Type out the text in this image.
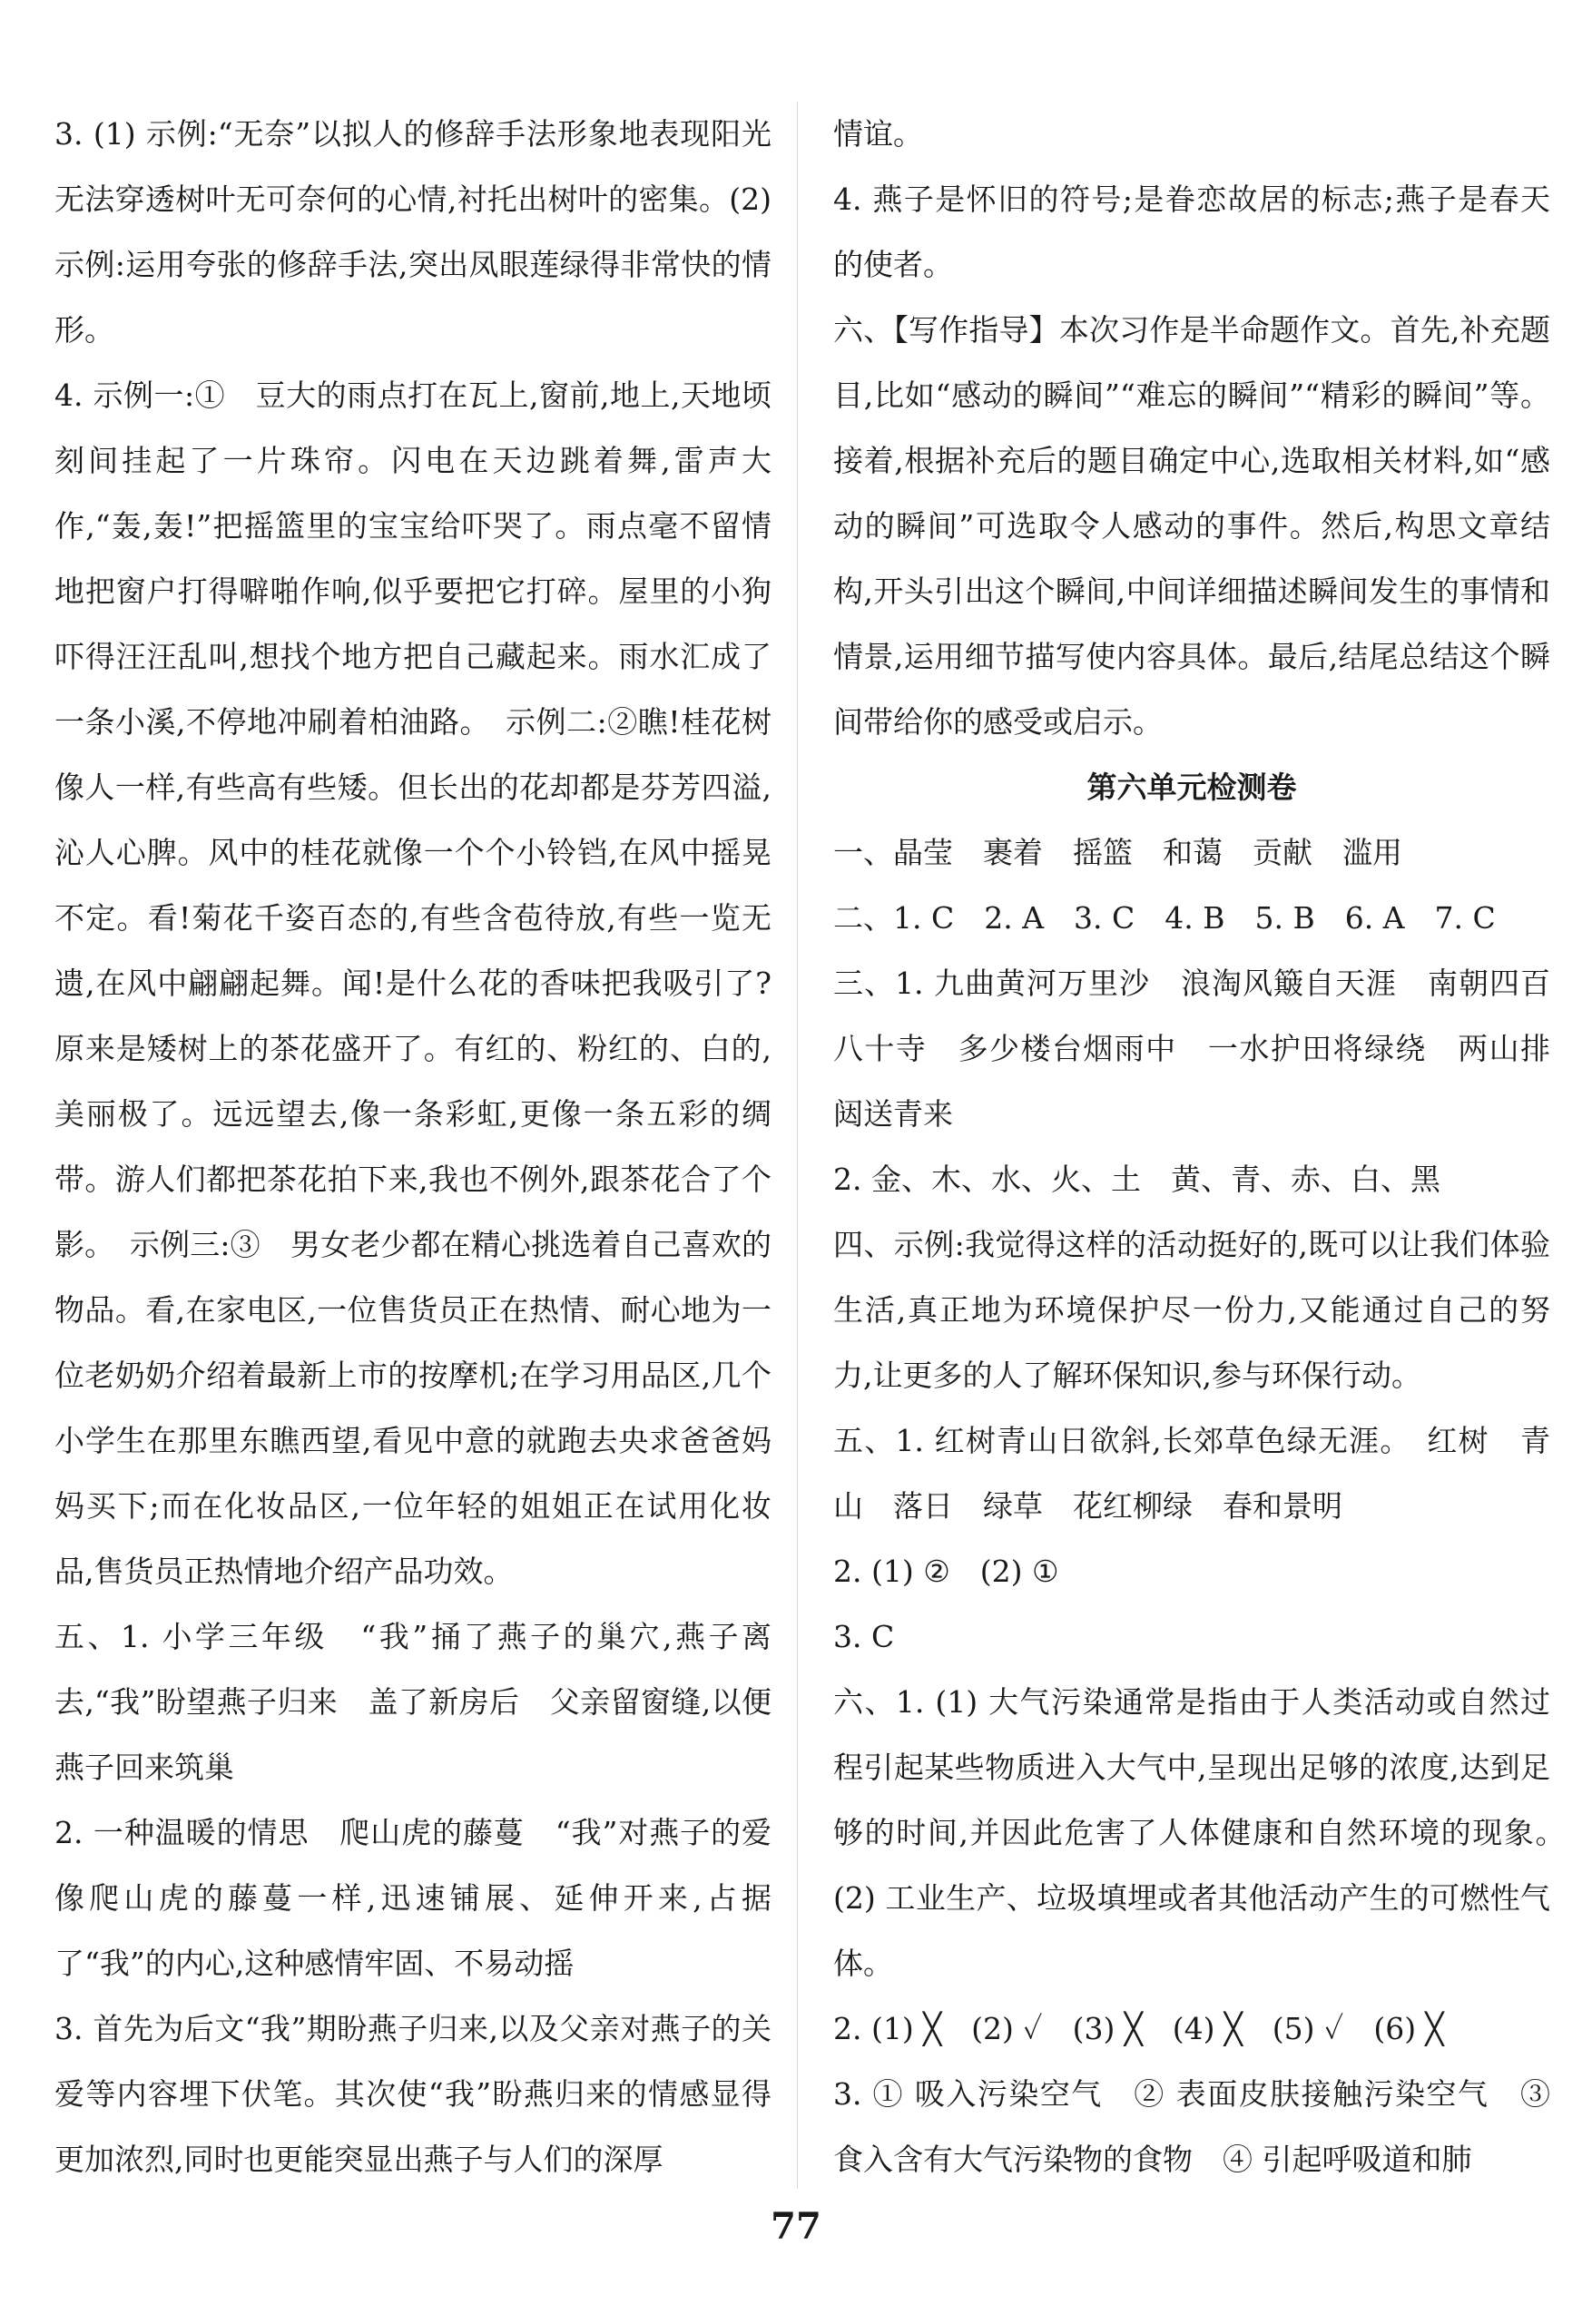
3. (1) 示例:“无奈”以拟人的修辞手法形象地表现阳光无法穿透树叶无可奈何的心情,衬托出树叶的密集。(2) 示例:运用夸张的修辞手法,突出凤眼莲绿得非常快的情形。

4. 示例一:①　豆大的雨点打在瓦上,窗前,地上,天地顷刻间挂起了一片珠帘。闪电在天边跳着舞,雷声大作,“轰,轰!”把摇篮里的宝宝给吓哭了。雨点毫不留情地把窗户打得噼啪作响,似乎要把它打碎。屋里的小狗吓得汪汪乱叫,想找个地方把自己藏起来。雨水汇成了一条小溪,不停地冲刷着柏油路。　示例二:②瞧!桂花树像人一样,有些高有些矮。但长出的花却都是芬芳四溢,沁人心脾。风中的桂花就像一个个小铃铛,在风中摇晃不定。看!菊花千姿百态的,有些含苞待放,有些一览无遗,在风中翩翩起舞。闻!是什么花的香味把我吸引了?原来是矮树上的茶花盛开了。有红的、粉红的、白的,美丽极了。远远望去,像一条彩虹,更像一条五彩的绸带。游人们都把茶花拍下来,我也不例外,跟茶花合了个影。　示例三:③　男女老少都在精心挑选着自己喜欢的物品。看,在家电区,一位售货员正在热情、耐心地为一位老奶奶介绍着最新上市的按摩机;在学习用品区,几个小学生在那里东瞧西望,看见中意的就跑去央求爸爸妈妈买下;而在化妆品区,一位年轻的姐姐正在试用化妆品,售货员正热情地介绍产品功效。

五、1. 小学三年级　“我”捅了燕子的巢穴,燕子离去,“我”盼望燕子归来　盖了新房后　父亲留窗缝,以便燕子回来筑巢

2. 一种温暖的情思　爬山虎的藤蔓　“我”对燕子的爱像爬山虎的藤蔓一样,迅速铺展、延伸开来,占据了“我”的内心,这种感情牢固、不易动摇

3. 首先为后文“我”期盼燕子归来,以及父亲对燕子的关爱等内容埋下伏笔。其次使“我”盼燕归来的情感显得更加浓烈,同时也更能突显出燕子与人们的深厚

情谊。

4. 燕子是怀旧的符号;是眷恋故居的标志;燕子是春天的使者。

六、【写作指导】本次习作是半命题作文。首先,补充题目,比如“感动的瞬间”“难忘的瞬间”“精彩的瞬间”等。接着,根据补充后的题目确定中心,选取相关材料,如“感动的瞬间”可选取令人感动的事件。然后,构思文章结构,开头引出这个瞬间,中间详细描述瞬间发生的事情和情景,运用细节描写使内容具体。最后,结尾总结这个瞬间带给你的感受或启示。

第六单元检测卷

一、晶莹　裹着　摇篮　和蔼　贡献　滥用

二、1. C　2. A　3. C　4. B　5. B　6. A　7. C

三、1. 九曲黄河万里沙　浪淘风簸自天涯　南朝四百八十寺　多少楼台烟雨中　一水护田将绿绕　两山排闼送青来

2. 金、木、水、火、土　黄、青、赤、白、黑

四、示例:我觉得这样的活动挺好的,既可以让我们体验生活,真正地为环境保护尽一份力,又能通过自己的努力,让更多的人了解环保知识,参与环保行动。

五、1. 红树青山日欲斜,长郊草色绿无涯。　红树　青山　落日　绿草　花红柳绿　春和景明

2. (1) ②　(2) ①

3. C

六、1. (1) 大气污染通常是指由于人类活动或自然过程引起某些物质进入大气中,呈现出足够的浓度,达到足够的时间,并因此危害了人体健康和自然环境的现象。　(2) 工业生产、垃圾填埋或者其他活动产生的可燃性气体。

2. (1) ╳　(2) ✓　(3) ╳　(4) ╳　(5) ✓　(6) ╳

3. ① 吸入污染空气　② 表面皮肤接触污染空气　③ 食入含有大气污染物的食物　④ 引起呼吸道和肺

77
